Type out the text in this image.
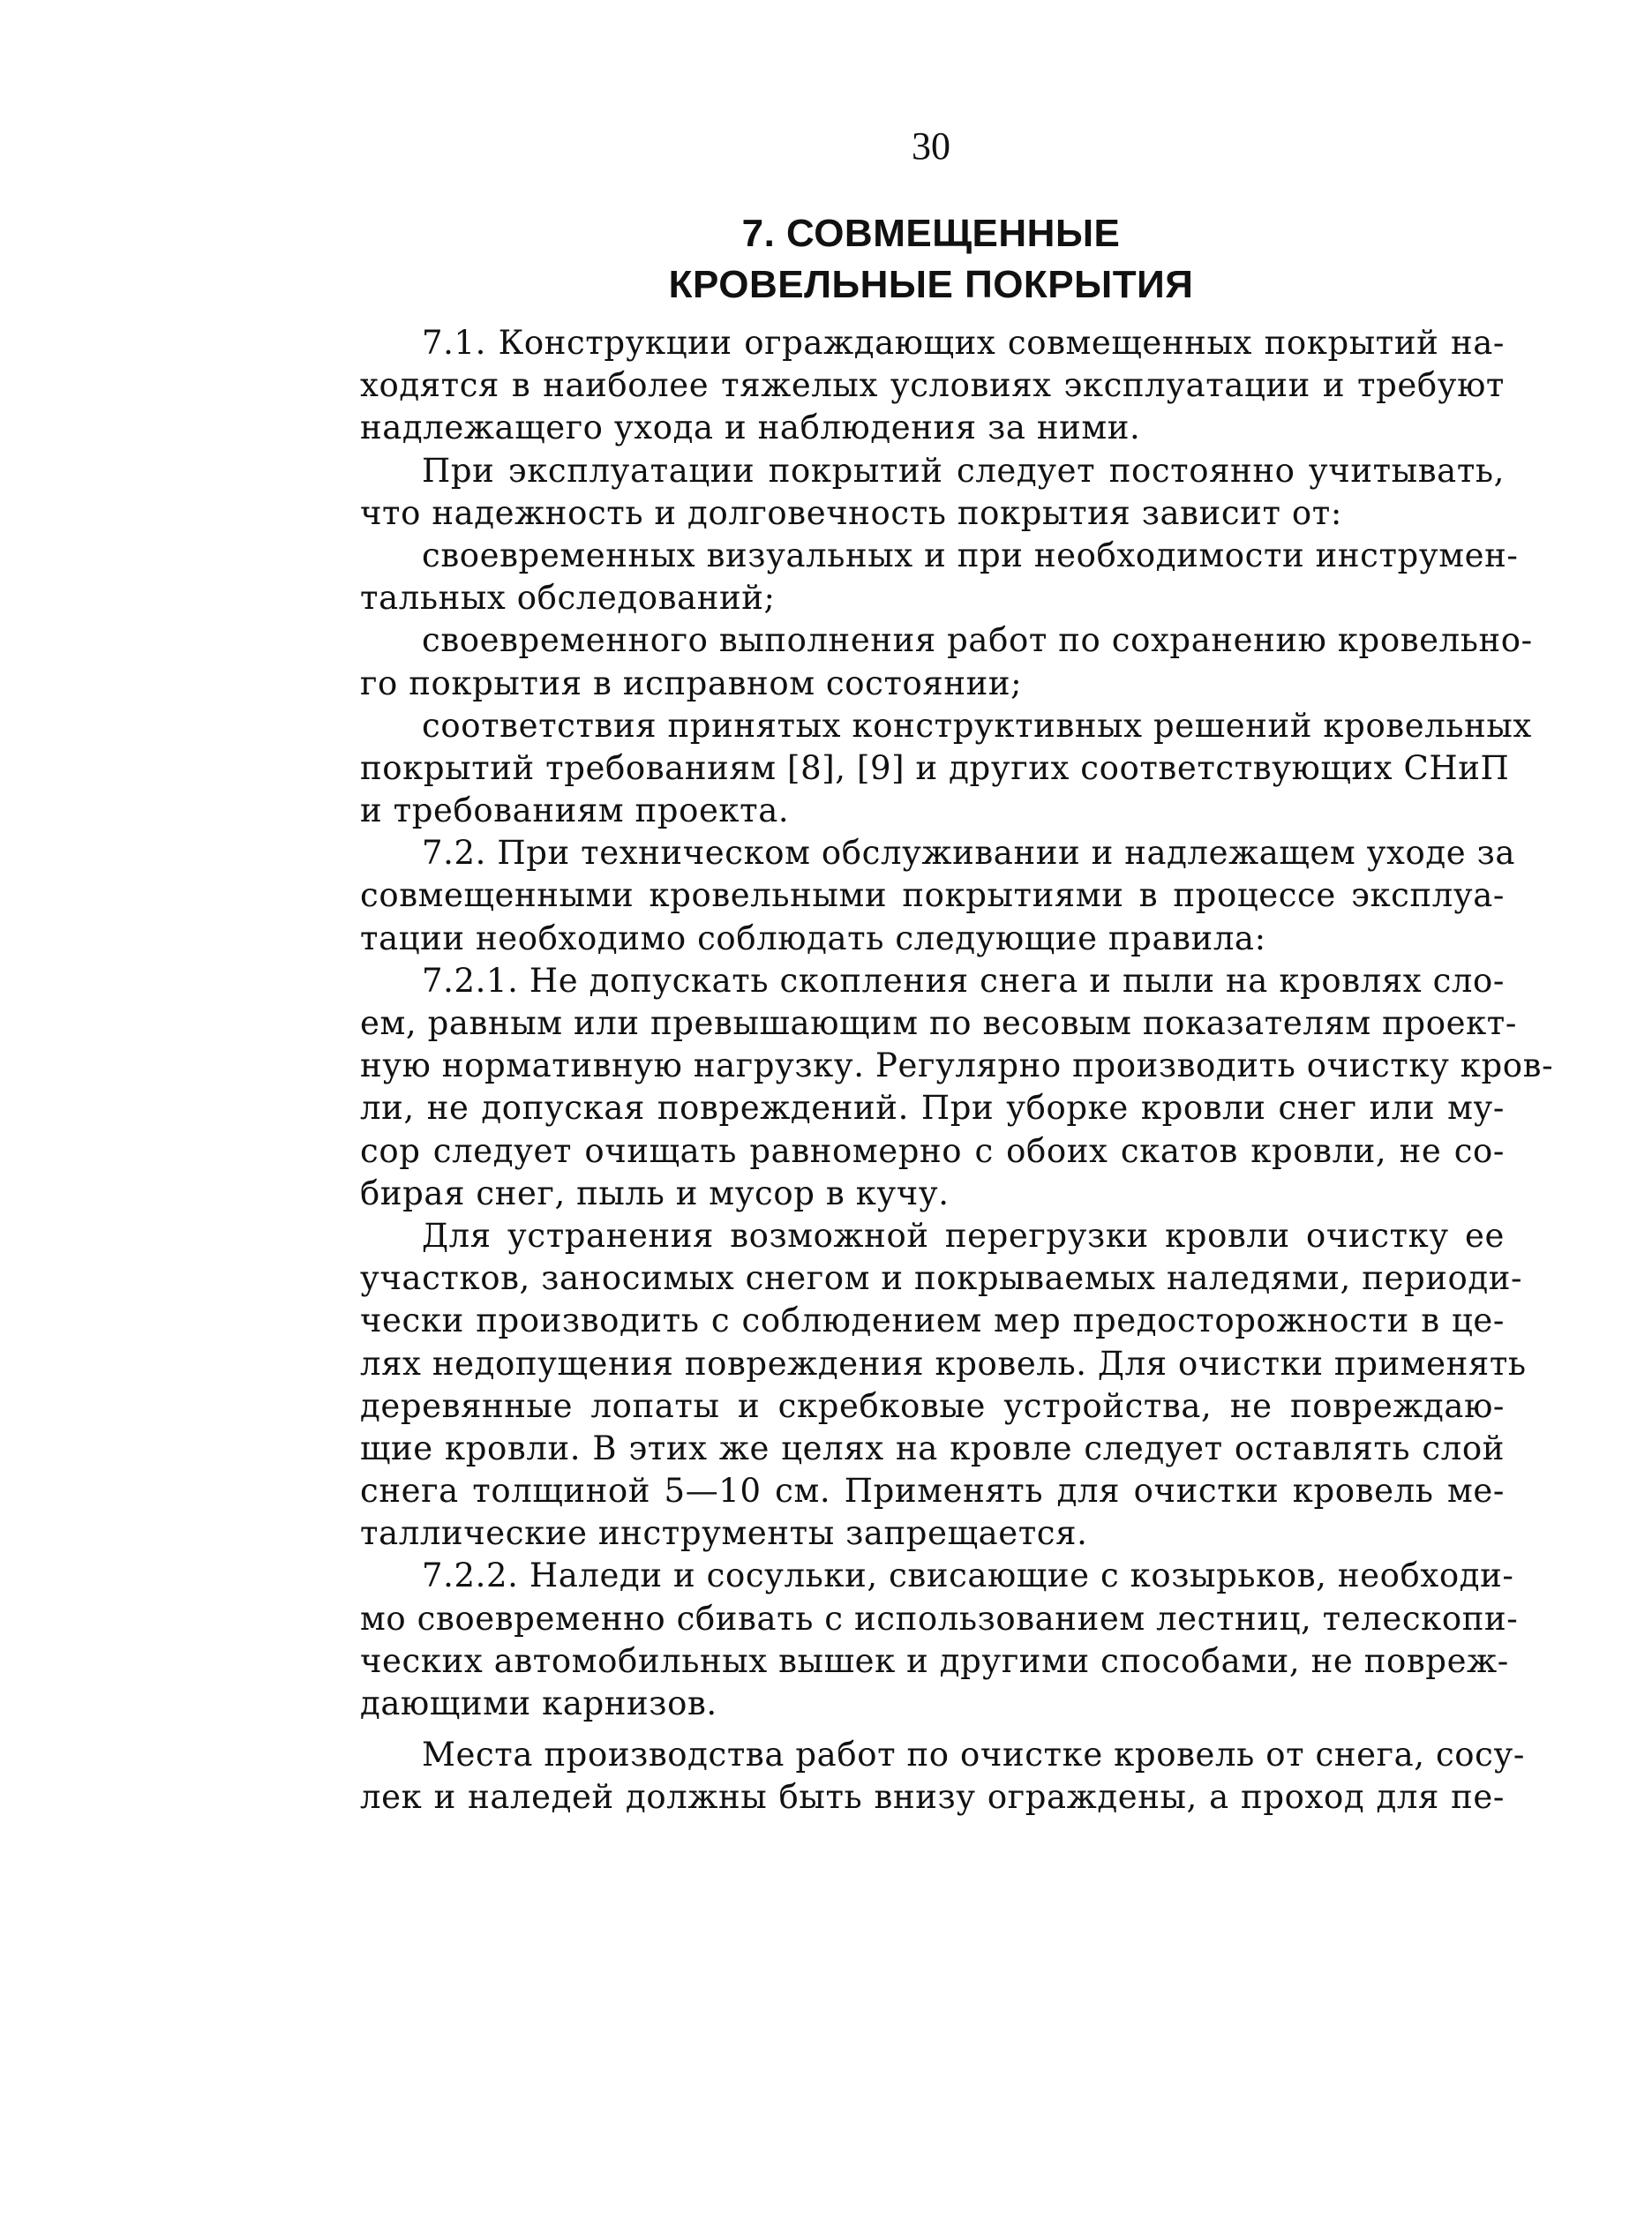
30
7. СОВМЕЩЕННЫЕ
КРОВЕЛЬНЫЕ ПОКРЫТИЯ
7.1. Конструкции ограждающих совмещенных покрытий на-
ходятся в наиболее тяжелых условиях эксплуатации и требуют
надлежащего ухода и наблюдения за ними.
При эксплуатации покрытий следует постоянно учитывать,
что надежность и долговечность покрытия зависит от:
своевременных визуальных и при необходимости инструмен-
тальных обследований;
своевременного выполнения работ по сохранению кровельно-
го покрытия в исправном состоянии;
соответствия принятых конструктивных решений кровельных
покрытий требованиям [8], [9] и других соответствующих СНиП
и требованиям проекта.
7.2. При техническом обслуживании и надлежащем уходе за
совмещенными кровельными покрытиями в процессе эксплуа-
тации необходимо соблюдать следующие правила:
7.2.1. Не допускать скопления снега и пыли на кровлях сло-
ем, равным или превышающим по весовым показателям проект-
ную нормативную нагрузку. Регулярно производить очистку кров-
ли, не допуская повреждений. При уборке кровли снег или му-
сор следует очищать равномерно с обоих скатов кровли, не со-
бирая снег, пыль и мусор в кучу.
Для устранения возможной перегрузки кровли очистку ее
участков, заносимых снегом и покрываемых наледями, периоди-
чески производить с соблюдением мер предосторожности в це-
лях недопущения повреждения кровель. Для очистки применять
деревянные лопаты и скребковые устройства, не повреждаю-
щие кровли. В этих же целях на кровле следует оставлять слой
снега толщиной 5—10 см. Применять для очистки кровель ме-
таллические инструменты запрещается.
7.2.2. Наледи и сосульки, свисающие с козырьков, необходи-
мо своевременно сбивать с использованием лестниц, телескопи-
ческих автомобильных вышек и другими способами, не повреж-
дающими карнизов.
Места производства работ по очистке кровель от снега, сосу-
лек и наледей должны быть внизу ограждены, а проход для пе-
